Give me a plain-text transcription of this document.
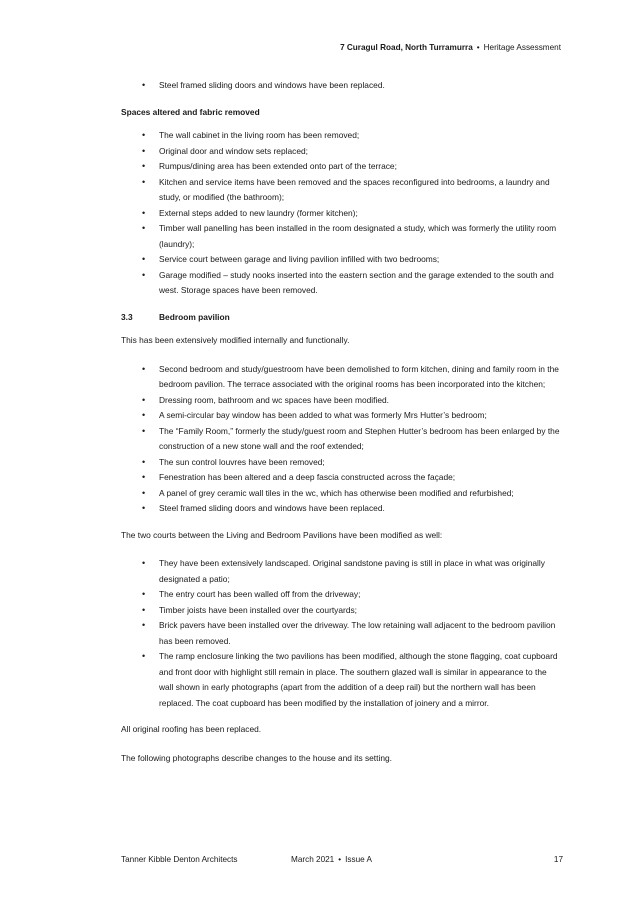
7 Curagul Road, North Turramurra • Heritage Assessment
• Steel framed sliding doors and windows have been replaced.

Spaces altered and fabric removed

• The wall cabinet in the living room has been removed;
• Original door and window sets replaced;
• Rumpus/dining area has been extended onto part of the terrace;
• Kitchen and service items have been removed and the spaces reconfigured into bedrooms, a laundry and study, or modified (the bathroom);
• External steps added to new laundry (former kitchen);
• Timber wall panelling has been installed in the room designated a study, which was formerly the utility room (laundry);
• Service court between garage and living pavilion infilled with two bedrooms;
• Garage modified – study nooks inserted into the eastern section and the garage extended to the south and west. Storage spaces have been removed.

3.3	Bedroom pavilion

This has been extensively modified internally and functionally.

• Second bedroom and study/guestroom have been demolished to form kitchen, dining and family room in the bedroom pavilion. The terrace associated with the original rooms has been incorporated into the kitchen;
• Dressing room, bathroom and wc spaces have been modified.
• A semi-circular bay window has been added to what was formerly Mrs Hutter’s bedroom;
• The “Family Room,” formerly the study/guest room and Stephen Hutter’s bedroom has been enlarged by the construction of a new stone wall and the roof extended;
• The sun control louvres have been removed;
• Fenestration has been altered and a deep fascia constructed across the façade;
• A panel of grey ceramic wall tiles in the wc, which has otherwise been modified and refurbished;
• Steel framed sliding doors and windows have been replaced.

The two courts between the Living and Bedroom Pavilions have been modified as well:

• They have been extensively landscaped. Original sandstone paving is still in place in what was originally designated a patio;
• The entry court has been walled off from the driveway;
• Timber joists have been installed over the courtyards;
• Brick pavers have been installed over the driveway. The low retaining wall adjacent to the bedroom pavilion has been removed.
• The ramp enclosure linking the two pavilions has been modified, although the stone flagging, coat cupboard and front door with highlight still remain in place. The southern glazed wall is similar in appearance to the wall shown in early photographs (apart from the addition of a deep rail) but the northern wall has been replaced. The coat cupboard has been modified by the installation of joinery and a mirror.

All original roofing has been replaced.

The following photographs describe changes to the house and its setting.

Tanner Kibble Denton Architects	March 2021 • Issue A	17
